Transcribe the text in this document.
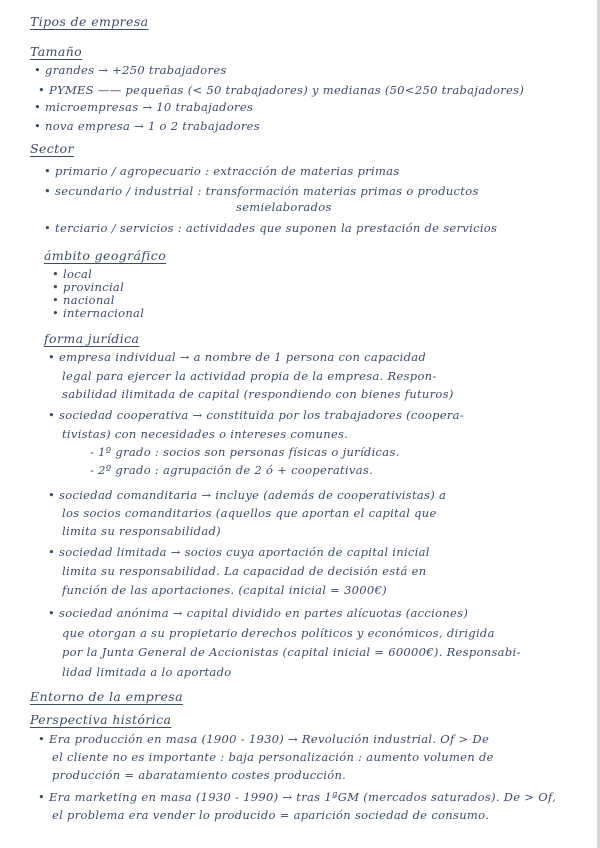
Tipos de empresa
Tamaño
• grandes → +250 trabajadores
• PYMES —— pequeñas (< 50 trabajadores) y medianas (50<250 trabajadores)
• microempresas → 10 trabajadores
• nova empresa → 1 o 2 trabajadores
Sector
• primario / agropecuario : extracción de materias primas
• secundario / industrial : transformación materias primas o productos
semielaborados
• terciario / servicios : actividades que suponen la prestación de servicios
ámbito geográfico
• local
• provincial
• nacional
• internacional
forma jurídica
• empresa individual → a nombre de 1 persona con capacidad
legal para ejercer la actividad propia de la empresa. Respon-
sabilidad ilimitada de capital (respondiendo con bienes futuros)
• sociedad cooperativa → constituida por los trabajadores (coopera-
tivistas) con necesidades o intereses comunes.
- 1º grado : socios son personas físicas o jurídicas.
- 2º grado : agrupación de 2 ó + cooperativas.
• sociedad comanditaria → incluye (además de cooperativistas) a
los socios comanditarios (aquellos que aportan el capital que
limita su responsabilidad)
• sociedad limitada → socios cuya aportación de capital inicial
limita su responsabilidad. La capacidad de decisión está en
función de las aportaciones. (capital inicial = 3000€)
• sociedad anónima → capital dividido en partes alícuotas (acciones)
que otorgan a su propietario derechos políticos y económicos, dirigida
por la Junta General de Accionistas (capital inicial = 60000€). Responsabi-
lidad limitada a lo aportado
Entorno de la empresa
Perspectiva histórica
• Era producción en masa (1900 - 1930) → Revolución industrial. Of > De
el cliente no es importante : baja personalización : aumento volumen de
producción = abaratamiento costes producción.
• Era marketing en masa (1930 - 1990) → tras 1ªGM (mercados saturados). De > Of,
el problema era vender lo producido = aparición sociedad de consumo.
